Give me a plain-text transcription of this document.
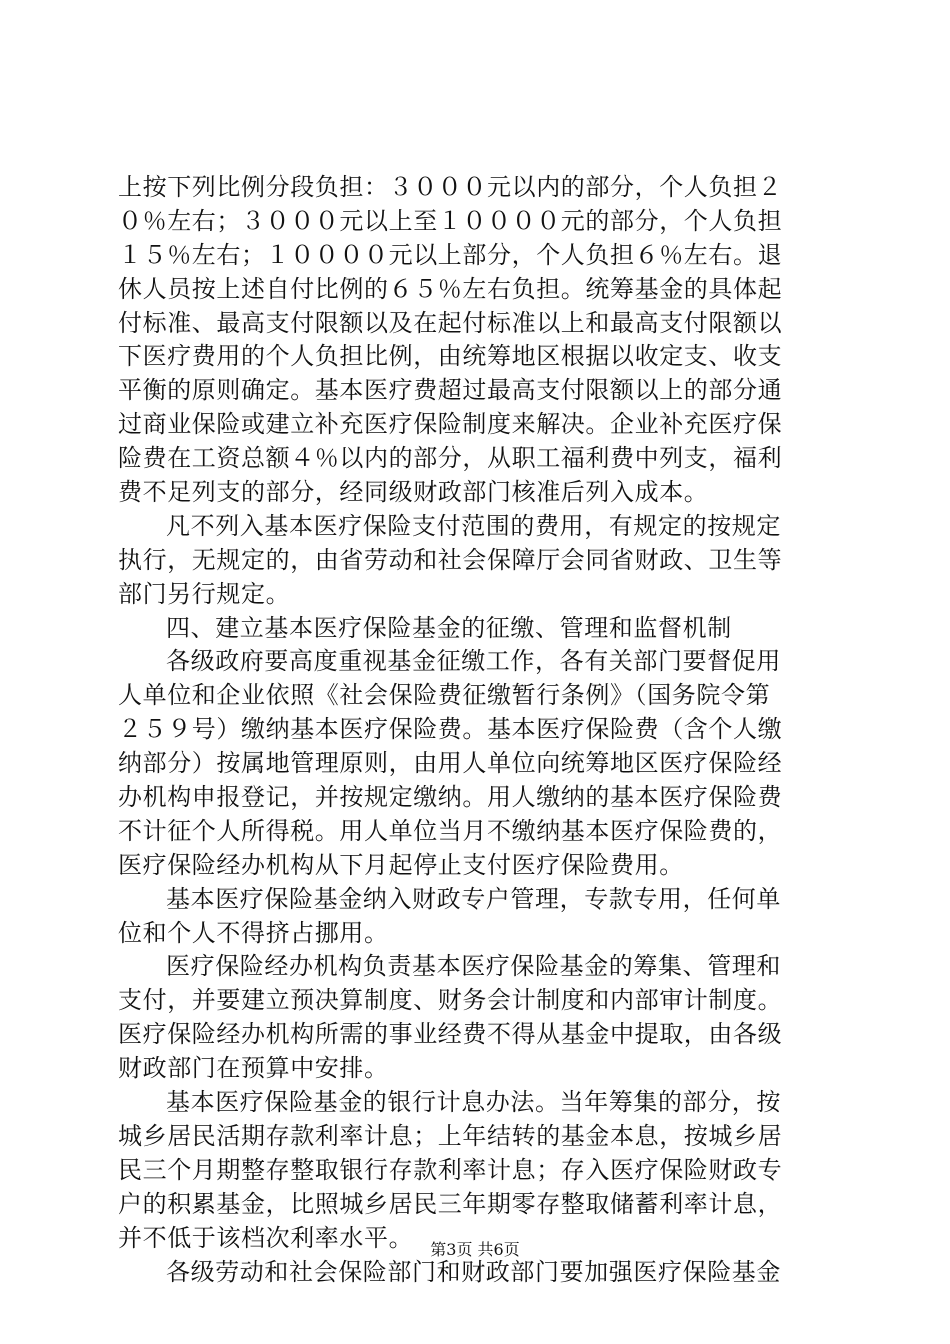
上按下列比例分段负担：３０００元以内的部分，个人负担２
０％左右；３０００元以上至１００００元的部分，个人负担
１５％左右；１００００元以上部分，个人负担６％左右。退
休人员按上述自付比例的６５％左右负担。统筹基金的具体起
付标准、最高支付限额以及在起付标准以上和最高支付限额以
下医疗费用的个人负担比例，由统筹地区根据以收定支、收支
平衡的原则确定。基本医疗费超过最高支付限额以上的部分通
过商业保险或建立补充医疗保险制度来解决。企业补充医疗保
险费在工资总额４％以内的部分，从职工福利费中列支，福利
费不足列支的部分，经同级财政部门核准后列入成本。
凡不列入基本医疗保险支付范围的费用，有规定的按规定
执行，无规定的，由省劳动和社会保障厅会同省财政、卫生等
部门另行规定。
四、建立基本医疗保险基金的征缴、管理和监督机制
各级政府要高度重视基金征缴工作，各有关部门要督促用
人单位和企业依照《社会保险费征缴暂行条例》（国务院令第
２５９号）缴纳基本医疗保险费。基本医疗保险费（含个人缴
纳部分）按属地管理原则，由用人单位向统筹地区医疗保险经
办机构申报登记，并按规定缴纳。用人缴纳的基本医疗保险费
不计征个人所得税。用人单位当月不缴纳基本医疗保险费的，
医疗保险经办机构从下月起停止支付医疗保险费用。
基本医疗保险基金纳入财政专户管理，专款专用，任何单
位和个人不得挤占挪用。
医疗保险经办机构负责基本医疗保险基金的筹集、管理和
支付，并要建立预决算制度、财务会计制度和内部审计制度。
医疗保险经办机构所需的事业经费不得从基金中提取，由各级
财政部门在预算中安排。
基本医疗保险基金的银行计息办法。当年筹集的部分，按
城乡居民活期存款利率计息；上年结转的基金本息，按城乡居
民三个月期整存整取银行存款利率计息；存入医疗保险财政专
户的积累基金，比照城乡居民三年期零存整取储蓄利率计息，
并不低于该档次利率水平。
各级劳动和社会保险部门和财政部门要加强医疗保险基金
第3页 共6页
